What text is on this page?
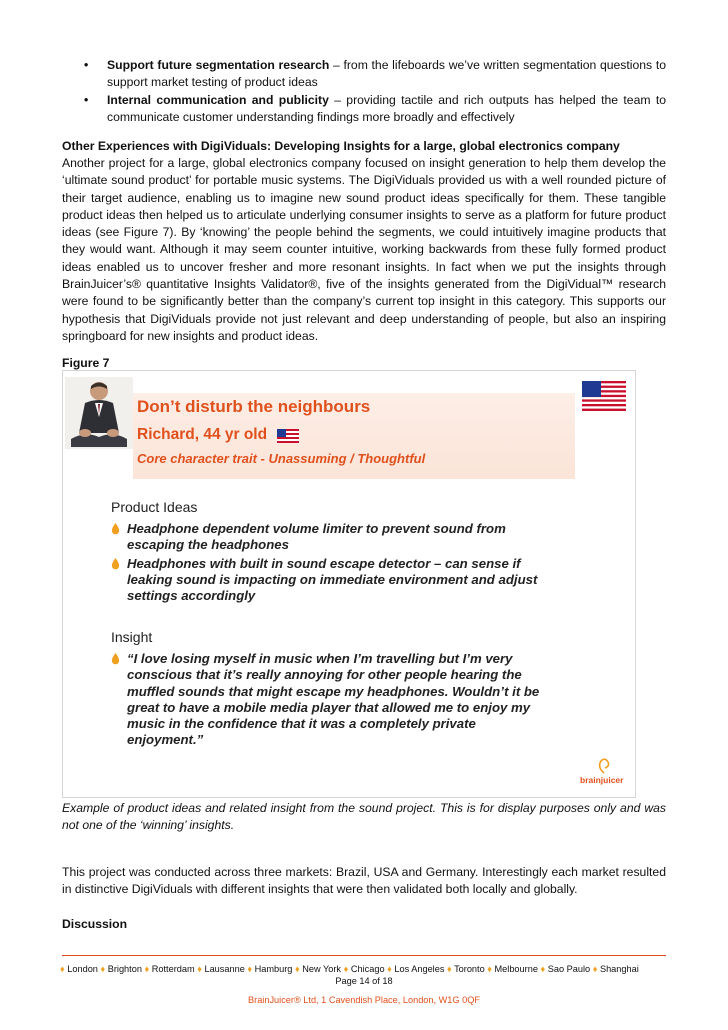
• Support future segmentation research – from the lifeboards we’ve written segmentation questions to support market testing of product ideas
• Internal communication and publicity – providing tactile and rich outputs has helped the team to communicate customer understanding findings more broadly and effectively
Other Experiences with DigiViduals: Developing Insights for a large, global electronics company

Another project for a large, global electronics company focused on insight generation to help them develop the ‘ultimate sound product’ for portable music systems. The DigiViduals provided us with a well rounded picture of their target audience, enabling us to imagine new sound product ideas specifically for them. These tangible product ideas then helped us to articulate underlying consumer insights to serve as a platform for future product ideas (see Figure 7). By ‘knowing’ the people behind the segments, we could intuitively imagine products that they would want. Although it may seem counter intuitive, working backwards from these fully formed product ideas enabled us to uncover fresher and more resonant insights. In fact when we put the insights through BrainJuicer’s® quantitative Insights Validator®, five of the insights generated from the DigiVidual™ research were found to be significantly better than the company’s current top insight in this category. This supports our hypothesis that DigiViduals provide not just relevant and deep understanding of people, but also an inspiring springboard for new insights and product ideas.

Figure 7
Don’t disturb the neighbours
Richard, 44 yr old
Core character trait - Unassuming / Thoughtful
Product Ideas
Headphone dependent volume limiter to prevent sound from escaping the headphones
Headphones with built in sound escape detector – can sense if leaking sound is impacting on immediate environment and adjust settings accordingly
Insight
“I love losing myself in music when I’m travelling but I’m very conscious that it’s really annoying for other people hearing the muffled sounds that might escape my headphones. Wouldn’t it be great to have a mobile media player that allowed me to enjoy my music in the confidence that it was a completely private enjoyment.”
brainjuicer

Example of product ideas and related insight from the sound project. This is for display purposes only and was not one of the ‘winning’ insights.

This project was conducted across three markets: Brazil, USA and Germany. Interestingly each market resulted in distinctive DigiViduals with different insights that were then validated both locally and globally.

Discussion
♦ London ♦ Brighton ♦ Rotterdam ♦ Lausanne ♦ Hamburg ♦ New York ♦ Chicago ♦ Los Angeles ♦ Toronto ♦ Melbourne ♦ Sao Paulo ♦ Shanghai
Page 14 of 18
BrainJuicer® Ltd, 1 Cavendish Place, London, W1G 0QF
